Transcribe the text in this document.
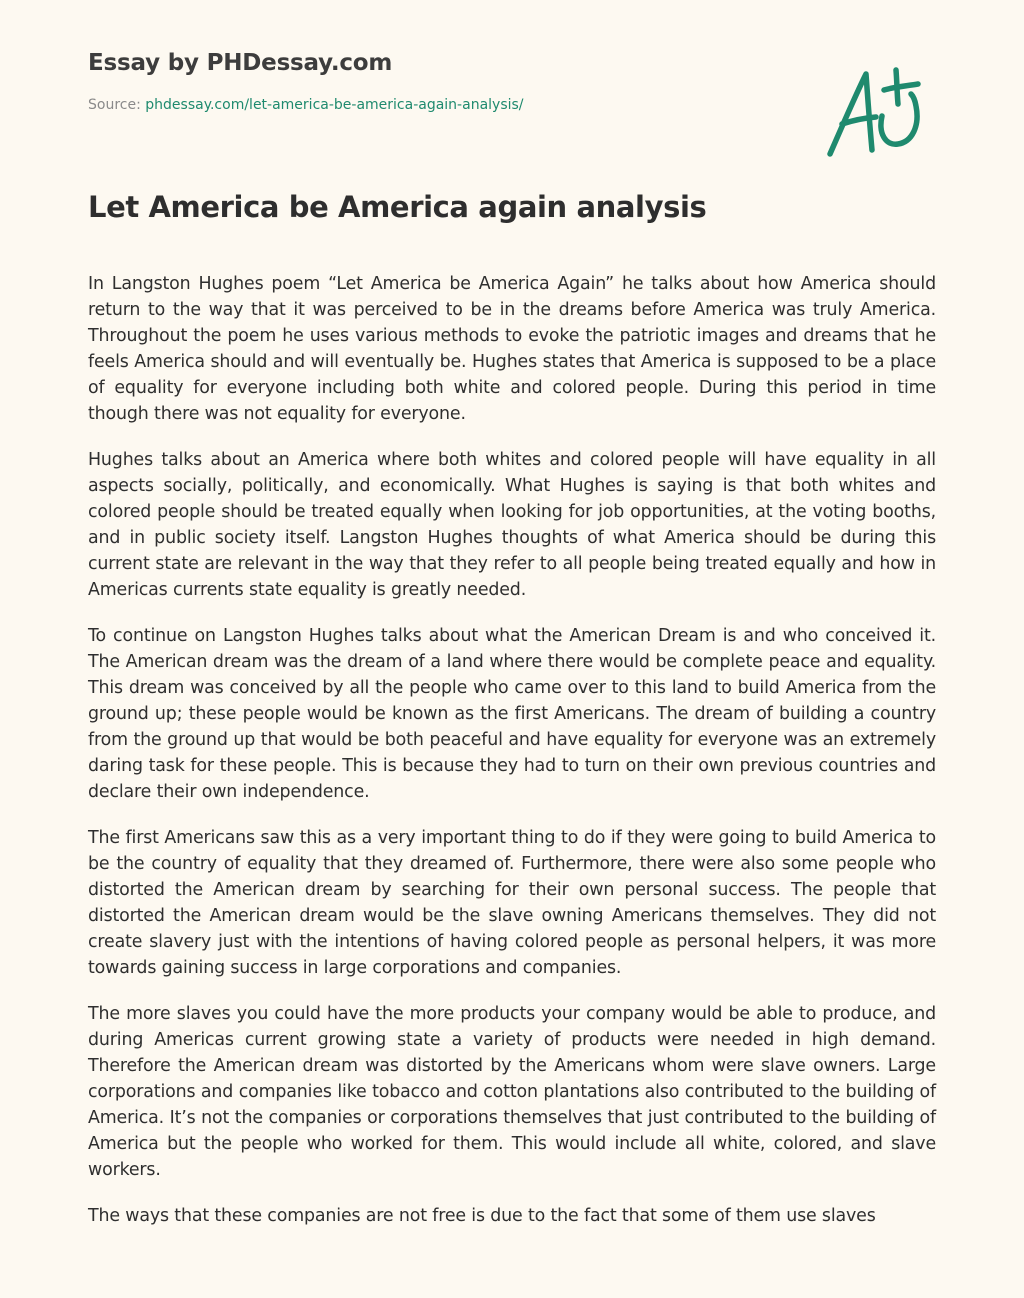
Essay by PHDessay.com
Source: phdessay.com/let-america-be-america-again-analysis/
Let America be America again analysis

In Langston Hughes poem “Let America be America Again” he talks about how America should return to the way that it was perceived to be in the dreams before America was truly America. Throughout the poem he uses various methods to evoke the patriotic images and dreams that he feels America should and will eventually be. Hughes states that America is supposed to be a place of equality for everyone including both white and colored people. During this period in time though there was not equality for everyone.

Hughes talks about an America where both whites and colored people will have equality in all aspects socially, politically, and economically. What Hughes is saying is that both whites and colored people should be treated equally when looking for job opportunities, at the voting booths, and in public society itself. Langston Hughes thoughts of what America should be during this current state are relevant in the way that they refer to all people being treated equally and how in Americas currents state equality is greatly needed.

To continue on Langston Hughes talks about what the American Dream is and who conceived it. The American dream was the dream of a land where there would be complete peace and equality. This dream was conceived by all the people who came over to this land to build America from the ground up; these people would be known as the first Americans. The dream of building a country from the ground up that would be both peaceful and have equality for everyone was an extremely daring task for these people. This is because they had to turn on their own previous countries and declare their own independence.

The first Americans saw this as a very important thing to do if they were going to build America to be the country of equality that they dreamed of. Furthermore, there were also some people who distorted the American dream by searching for their own personal success. The people that distorted the American dream would be the slave owning Americans themselves. They did not create slavery just with the intentions of having colored people as personal helpers, it was more towards gaining success in large corporations and companies.

The more slaves you could have the more products your company would be able to produce, and during Americas current growing state a variety of products were needed in high demand. Therefore the American dream was distorted by the Americans whom were slave owners. Large corporations and companies like tobacco and cotton plantations also contributed to the building of America. It’s not the companies or corporations themselves that just contributed to the building of America but the people who worked for them. This would include all white, colored, and slave workers.

The ways that these companies are not free is due to the fact that some of them use slaves
